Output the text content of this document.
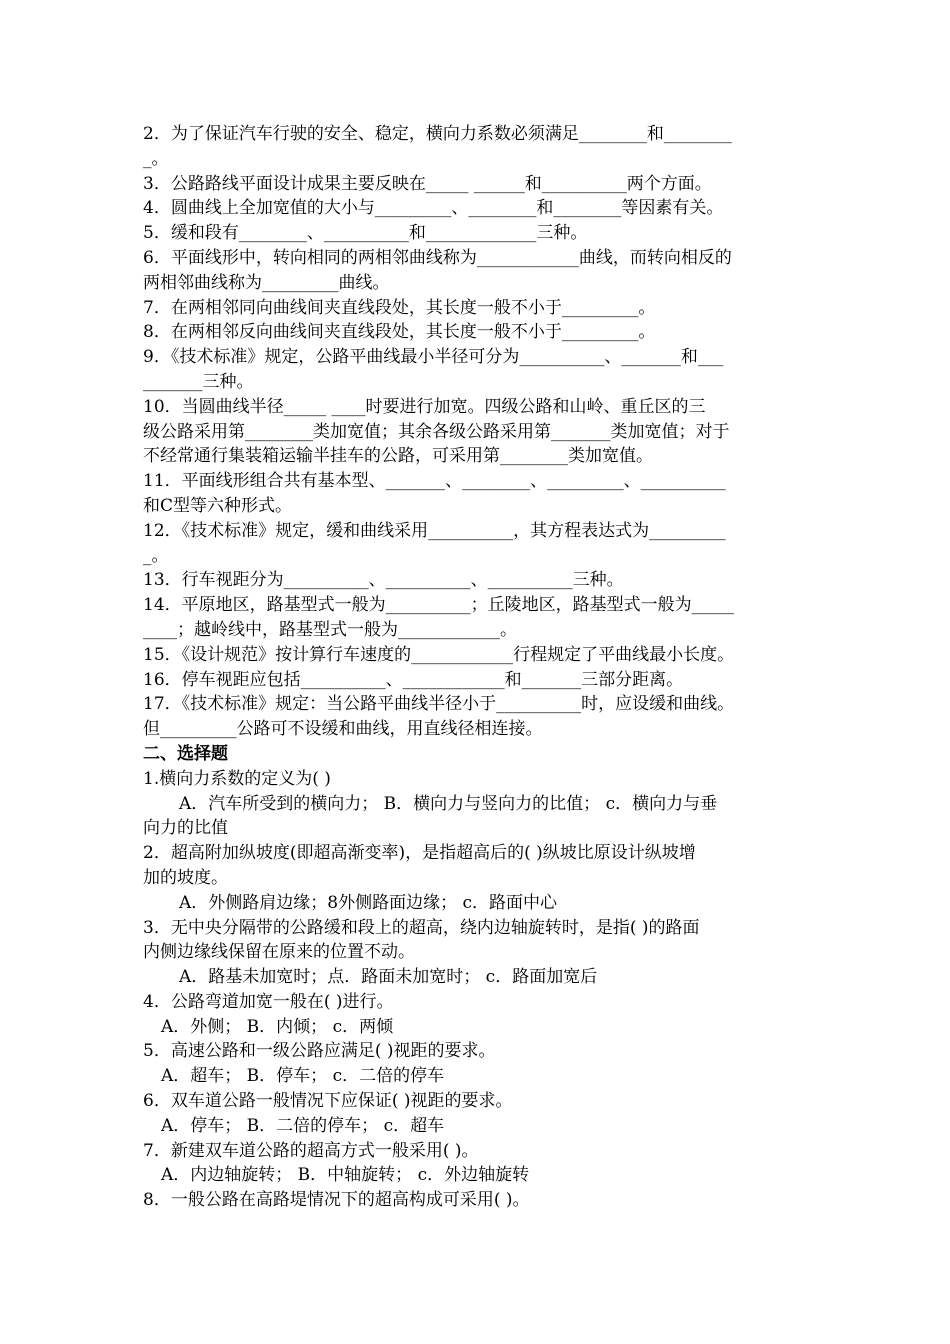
2．为了保证汽车行驶的安全、稳定，横向力系数必须满足________和________
_。
3．公路路线平面设计成果主要反映在_____ ______和__________两个方面。
4．圆曲线上全加宽值的大小与_________、________和________等因素有关。
5．缓和段有________、__________和_____________三种。
6．平面线形中，转向相同的两相邻曲线称为____________曲线，而转向相反的
两相邻曲线称为_________曲线。
7．在两相邻同向曲线间夹直线段处，其长度一般不小于_________。
8．在两相邻反向曲线间夹直线段处，其长度一般不小于_________。
9．《技术标准》规定，公路平曲线最小半径可分为__________、_______和___
_______三种。
10．当圆曲线半径_____ ____时要进行加宽。四级公路和山岭、重丘区的三
级公路采用第________类加宽值；其余各级公路采用第_______类加宽值；对于
不经常通行集装箱运输半挂车的公路，可采用第________类加宽值。
11．平面线形组合共有基本型、_______、________、_________、__________
和C型等六种形式。
12．《技术标准》规定，缓和曲线采用__________，其方程表达式为_________
_。
13．行车视距分为__________、__________、__________三种。
14．平原地区，路基型式一般为__________；丘陵地区，路基型式一般为_____
____；越岭线中，路基型式一般为____________。
15．《设计规范》按计算行车速度的____________行程规定了平曲线最小长度。
16．停车视距应包括__________、____________和_______三部分距离。
17．《技术标准》规定：当公路平曲线半径小于__________时，应设缓和曲线。
但_________公路可不设缓和曲线，用直线径相连接。
二、选择题
1.横向力系数的定义为( )
A．汽车所受到的横向力； B．横向力与竖向力的比值； c．横向力与垂
向力的比值
2．超高附加纵坡度(即超高渐变率)，是指超高后的( )纵坡比原设计纵坡增
加的坡度。
A．外侧路肩边缘；8外侧路面边缘； c．路面中心
3．无中央分隔带的公路缓和段上的超高，绕内边轴旋转时，是指( )的路面
内侧边缘线保留在原来的位置不动。
A．路基未加宽时；点．路面未加宽时； c．路面加宽后
4．公路弯道加宽一般在( )进行。
A．外侧； B．内倾； c．两倾
5．高速公路和一级公路应满足( )视距的要求。
A．超车； B．停车； c．二倍的停车
6．双车道公路一般情况下应保证( )视距的要求。
A．停车； B．二倍的停车； c．超车
7．新建双车道公路的超高方式一般采用( )。
A．内边轴旋转； B．中轴旋转； c．外边轴旋转
8．一般公路在高路堤情况下的超高构成可采用( )。
